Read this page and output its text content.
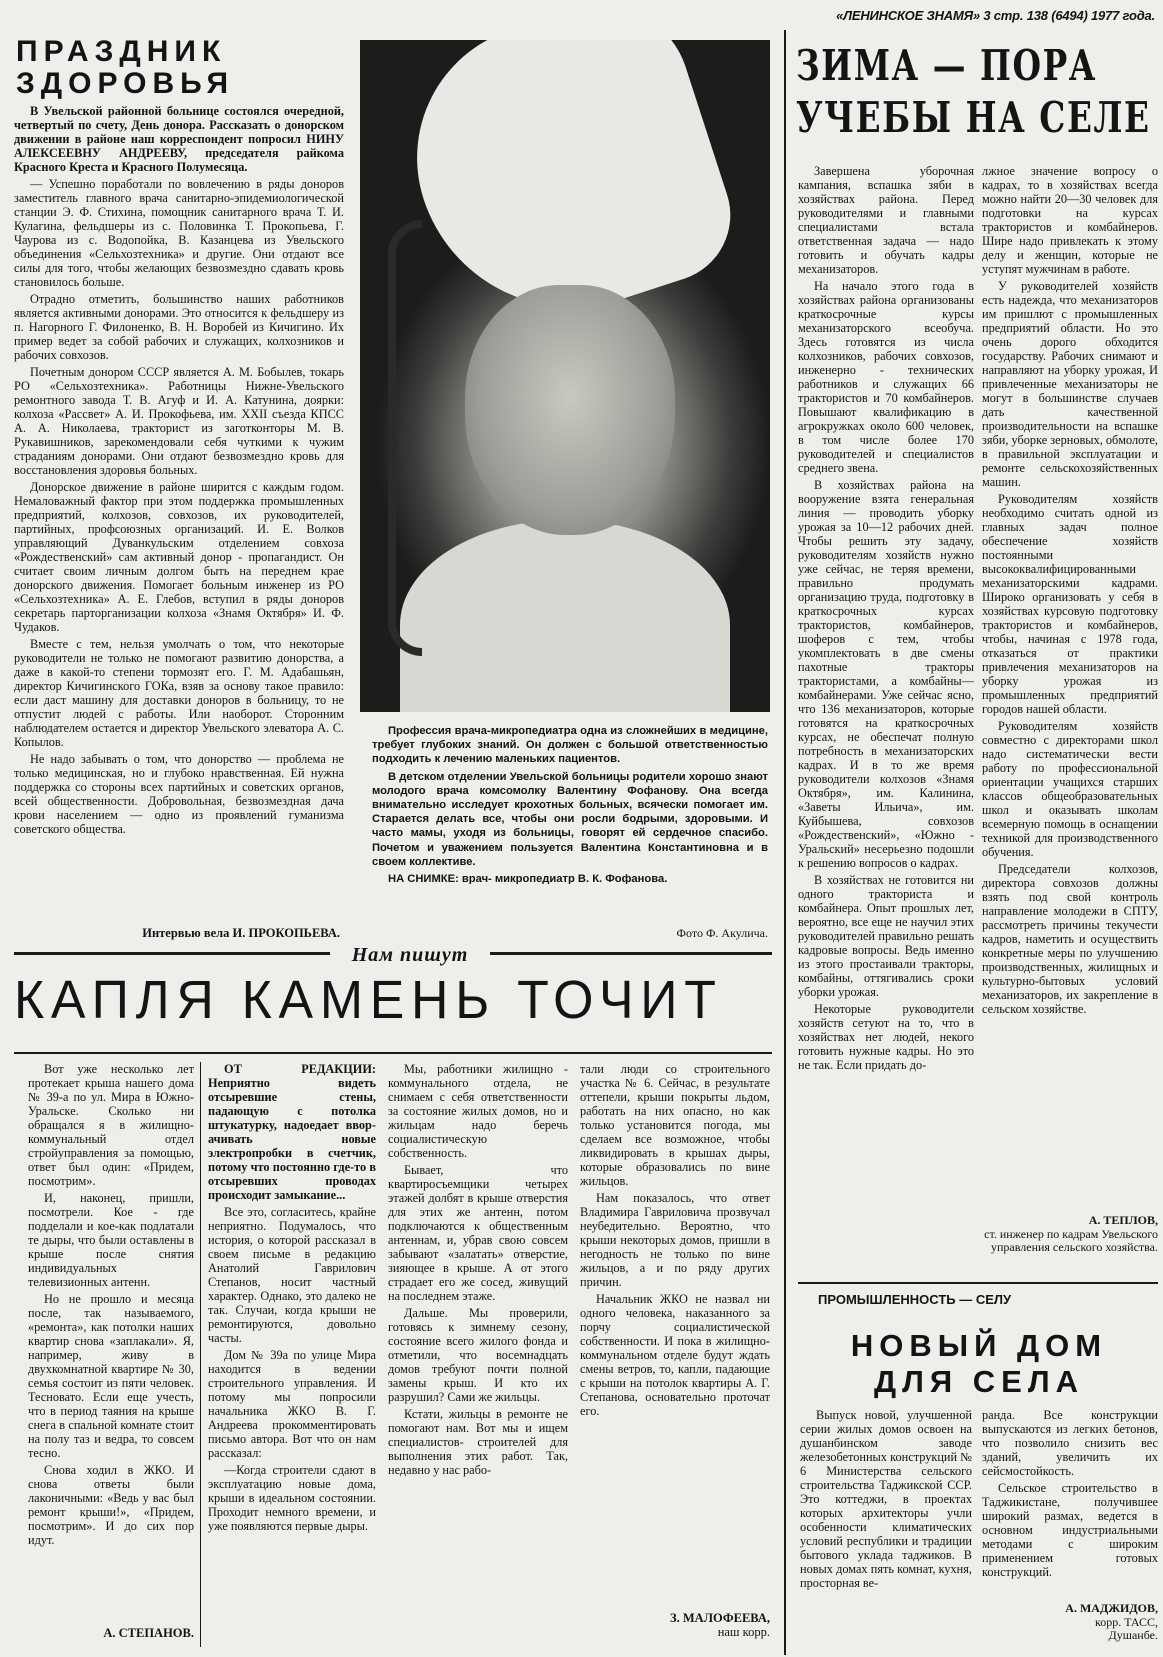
«ЛЕНИНСКОЕ ЗНАМЯ» 3 стр. 138 (6494) 1977 года.
ПРАЗДНИК
ЗДОРОВЬЯ

В Увельской районной больнице состоялся очередной, четвертый по счету, День донора. Рассказать о донорском движении в районе наш корреспондент попросил НИНУ АЛЕКСЕЕВНУ АНДРЕЕВУ, председателя райкома Красного Креста и Красного Полумесяца.

— Успешно поработали по вовлечению в ряды доноров заместитель главного врача санитарно-эпидемиологической станции Э. Ф. Стихина, помощник санитарного врача Т. И. Кулагина, фельдшеры из с. Половинка Т. Прокопьева, Г. Чаурова из с. Водопойка, В. Казанцева из Увельского объединения «Сельхозтехника» и другие. Они отдают все силы для того, чтобы желающих безвозмездно сдавать кровь становилось больше.

Отрадно отметить, большинство наших работников является активными донорами. Это относится к фельдшеру из п. Нагорного Г. Филоненко, В. Н. Воробей из Кичигино. Их пример ведет за собой рабочих и служащих, колхозников и рабочих совхозов.

Почетным донором СССР является А. М. Бобылев, токарь РО «Сельхозтехника». Работницы Нижне-Увельского ремонтного завода Т. В. Агуф и И. А. Катунина, доярки: колхоза «Рассвет» А. И. Прокофьева, им. XXII съезда КПСС А. А. Николаева, тракторист из заготконторы М. В. Рукавишников, зарекомендовали себя чуткими к чужим страданиям донорами. Они отдают безвозмездно кровь для восстановления здоровья больных.

Донорское движение в районе ширится с каждым годом. Немаловажный фактор при этом поддержка промышленных предприятий, колхозов, совхозов, их руководителей, партийных, профсоюзных организаций. И. Е. Волков управляющий Дуванкульским отделением совхоза «Рождественский» сам активный донор - пропагандист. Он считает своим личным долгом быть на переднем крае донорского движения. Помогает больным инженер из РО «Сельхозтехника» А. Е. Глебов, вступил в ряды доноров секретарь парторганизации колхоза «Знамя Октября» И. Ф. Чудаков.

Вместе с тем, нельзя умолчать о том, что некоторые руководители не только не помогают развитию донорства, а даже в какой-то степени тормозят его. Г. М. Адабашьян, директор Кичигинского ГОКа, взяв за основу такое правило: если даст машину для доставки доноров в больницу, то не отпустит людей с работы. Или наоборот. Сторонним наблюдателем остается и директор Увельского элеватора А. С. Копылов.

Не надо забывать о том, что донорство — проблема не только медицинская, но и глубоко нравственная. Ей нужна поддержка со стороны всех партийных и советских органов, всей общественности. Добровольная, безвозмездная дача крови населением — одно из проявлений гуманизма советского общества.

Интервью вела И. ПРОКОПЬЕВА.

Профессия врача-микропедиатра одна из сложнейших в медицине, требует глубоких знаний. Он должен с большой ответственностью подходить к лечению маленьких пациентов.

В детском отделении Увельской больницы родители хорошо знают молодого врача комсомолку Валентину Фофанову. Она всегда внимательно исследует крохотных больных, всячески помогает им. Старается делать все, чтобы они росли бодрыми, здоровыми. И часто мамы, уходя из больницы, говорят ей сердечное спасибо. Почетом и уважением пользуется Валентина Константиновна и в своем коллективе.

НА СНИМКЕ: врач- микропедиатр В. К. Фофанова.

Фото Ф. Акулича.
ЗИМА — ПОРА
УЧЕБЫ НА СЕЛЕ

Завершена уборочная кампания, вспашка зяби в хозяйствах района. Перед руководителями и главными специалистами встала ответственная задача — надо готовить и обучать кадры механизаторов.

На начало этого года в хозяйствах района организованы краткосрочные курсы механизаторского всеобуча. Здесь готовятся из числа колхозников, рабочих совхозов, инженерно - технических работников и служащих 66 трактористов и 70 комбайнеров. Повышают квалификацию в агрокружках около 600 человек, в том числе более 170 руководителей и специалистов среднего звена.

В хозяйствах района на вооружение взята генеральная линия — проводить уборку урожая за 10—12 рабочих дней. Чтобы решить эту задачу, руководителям хозяйств нужно уже сейчас, не теряя времени, правильно продумать организацию труда, подготовку в краткосрочных курсах трактористов, комбайнеров, шоферов с тем, чтобы укомплектовать в две смены пахотные тракторы трактористами, а комбайны— комбайнерами. Уже сейчас ясно, что 136 механизаторов, которые готовятся на краткосрочных курсах, не обеспечат полную потребность в механизаторских кадрах. И в то же время руководители колхозов «Знамя Октября», им. Калинина, «Заветы Ильича», им. Куйбышева, совхозов «Рождественский», «Южно - Уральский» несерьезно подошли к решению вопросов о кадрах.

В хозяйствах не готовится ни одного тракториста и комбайнера. Опыт прошлых лет, вероятно, все еще не научил этих руководителей правильно решать кадровые вопросы. Ведь именно из этого простаивали тракторы, комбайны, оттягивались сроки уборки урожая.

Некоторые руководители хозяйств сетуют на то, что в хозяйствах нет людей, некого готовить нужные кадры. Но это не так. Если придать до-

лжное значение вопросу о кадрах, то в хозяйствах всегда можно найти 20—30 человек для подготовки на курсах трактористов и комбайнеров. Шире надо привлекать к этому делу и женщин, которые не уступят мужчинам в работе.

У руководителей хозяйств есть надежда, что механизаторов им пришлют с промышленных предприятий области. Но это очень дорого обходится государству. Рабочих снимают и направляют на уборку урожая, И привлеченные механизаторы не могут в большинстве случаев дать качественной производительности на вспашке зяби, уборке зерновых, обмолоте, в правильной эксплуатации и ремонте сельскохозяйственных машин.

Руководителям хозяйств необходимо считать одной из главных задач полное обеспечение хозяйств постоянными высококвалифицированными механизаторскими кадрами. Широко организовать у себя в хозяйствах курсовую подготовку трактористов и комбайнеров, чтобы, начиная с 1978 года, отказаться от практики привлечения механизаторов на уборку урожая из промышленных предприятий городов нашей области.

Руководителям хозяйств совместно с директорами школ надо систематически вести работу по профессиональной ориентации учащихся старших классов общеобразовательных школ и оказывать школам всемерную помощь в оснащении техникой для производственного обучения.

Председатели колхозов, директора совхозов должны взять под свой контроль направление молодежи в СПТУ, рассмотреть причины текучести кадров, наметить и осуществить конкретные меры по улучшению производственных, жилищных и культурно-бытовых условий механизаторов, их закрепление в сельском хозяйстве.

А. ТЕПЛОВ,
ст. инженер по кадрам Увельского управления сельского хозяйства.
ПРОМЫШЛЕННОСТЬ — СЕЛУ
НОВЫЙ ДОМ
ДЛЯ СЕЛА

Выпуск новой, улучшенной серии жилых домов освоен на душанбинском заводе железобетонных конструкций № 6 Министерства сельского строительства Таджикской ССР. Это коттеджи, в проектах которых архитекторы учли особенности климатических условий республики и традиции бытового уклада таджиков. В новых домах пять комнат, кухня, просторная ве-

ранда. Все конструкции выпускаются из легких бетонов, что позволило снизить вес зданий, увеличить их сейсмостойкость.

Сельское строительство в Таджикистане, получившее широкий размах, ведется в основном индустриальными методами с широким применением готовых конструкций.

А. МАДЖИДОВ,
корр. ТАСС,
Душанбе.
Нам пишут
КАПЛЯ КАМЕНЬ ТОЧИТ

Вот уже несколько лет протекает крыша нашего дома № 39-а по ул. Мира в Южно-Уральске. Сколько ни обращался я в жилищно-коммунальный отдел стройуправления за помощью, ответ был один: «Придем, посмотрим».

И, наконец, пришли, посмотрели. Кое - где подделали и кое-как подлатали те дыры, что были оставлены в крыше после снятия индивидуальных телевизионных антенн.

Но не прошло и месяца после, так называемого, «ремонта», как потолки наших квартир снова «заплакали». Я, например, живу в двухкомнатной квартире № 30, семья состоит из пяти человек. Тесновато. Если еще учесть, что в период таяния на крыше снега в спальной комнате стоит на полу таз и ведра, то совсем тесно.

Снова ходил в ЖКО. И снова ответы были лаконичными: «Ведь у вас был ремонт крыши!», «Придем, посмотрим». И до сих пор идут.

А. СТЕПАНОВ.

ОТ РЕДАКЦИИ: Неприятно видеть отсыревшие стены, падающую с потолка штукатурку, надоедает вворачивать новые электропробки в счетчик, потому что постоянно где-то в отсыревших проводах происходит замыкание...

Все это, согласитесь, крайне неприятно. Подумалось, что история, о которой рассказал в своем письме в редакцию Анатолий Гаврилович Степанов, носит частный характер. Однако, это далеко не так. Случаи, когда крыши не ремонтируются, довольно часты.

Дом № 39а по улице Мира находится в ведении строительного управления. И потому мы попросили начальника ЖКО В. Г. Андреева прокомментировать письмо автора. Вот что он нам рассказал:

—Когда строители сдают в эксплуатацию новые дома, крыши в идеальном состоянии. Проходит немного времени, и уже появляются первые дыры.

Мы, работники жилищно - коммунального отдела, не снимаем с себя ответственности за состояние жилых домов, но и жильцам надо беречь социалистическую собственность.

Бывает, что квартиросъемщики четырех этажей долбят в крыше отверстия для этих же антенн, потом подключаются к общественным антеннам, и, убрав свою совсем забывают «залатать» отверстие, зияющее в крыше. А от этого страдает его же сосед, живущий на последнем этаже.

Дальше. Мы проверили, готовясь к зимнему сезону, состояние всего жилого фонда и отметили, что восемнадцать домов требуют почти полной замены крыш. И кто их разрушил? Сами же жильцы.

Кстати, жильцы в ремонте не помогают нам. Вот мы и ищем специалистов- строителей для выполнения этих работ. Так, недавно у нас рабо-

тали люди со строительного участка № 6. Сейчас, в результате оттепели, крыши покрыты льдом, работать на них опасно, но как только установится погода, мы сделаем все возможное, чтобы ликвидировать в крышах дыры, которые образовались по вине жильцов.

Нам показалось, что ответ Владимира Гавриловича прозвучал неубедительно. Вероятно, что крыши некоторых домов, пришли в негодность не только по вине жильцов, а и по ряду других причин.

Начальник ЖКО не назвал ни одного человека, наказанного за порчу социалистической собственности. И пока в жилищно- коммунальном отделе будут ждать смены ветров, то, капли, падающие с крыши на потолок квартиры А. Г. Степанова, основательно проточат его.

З. МАЛОФЕЕВА,
наш корр.
